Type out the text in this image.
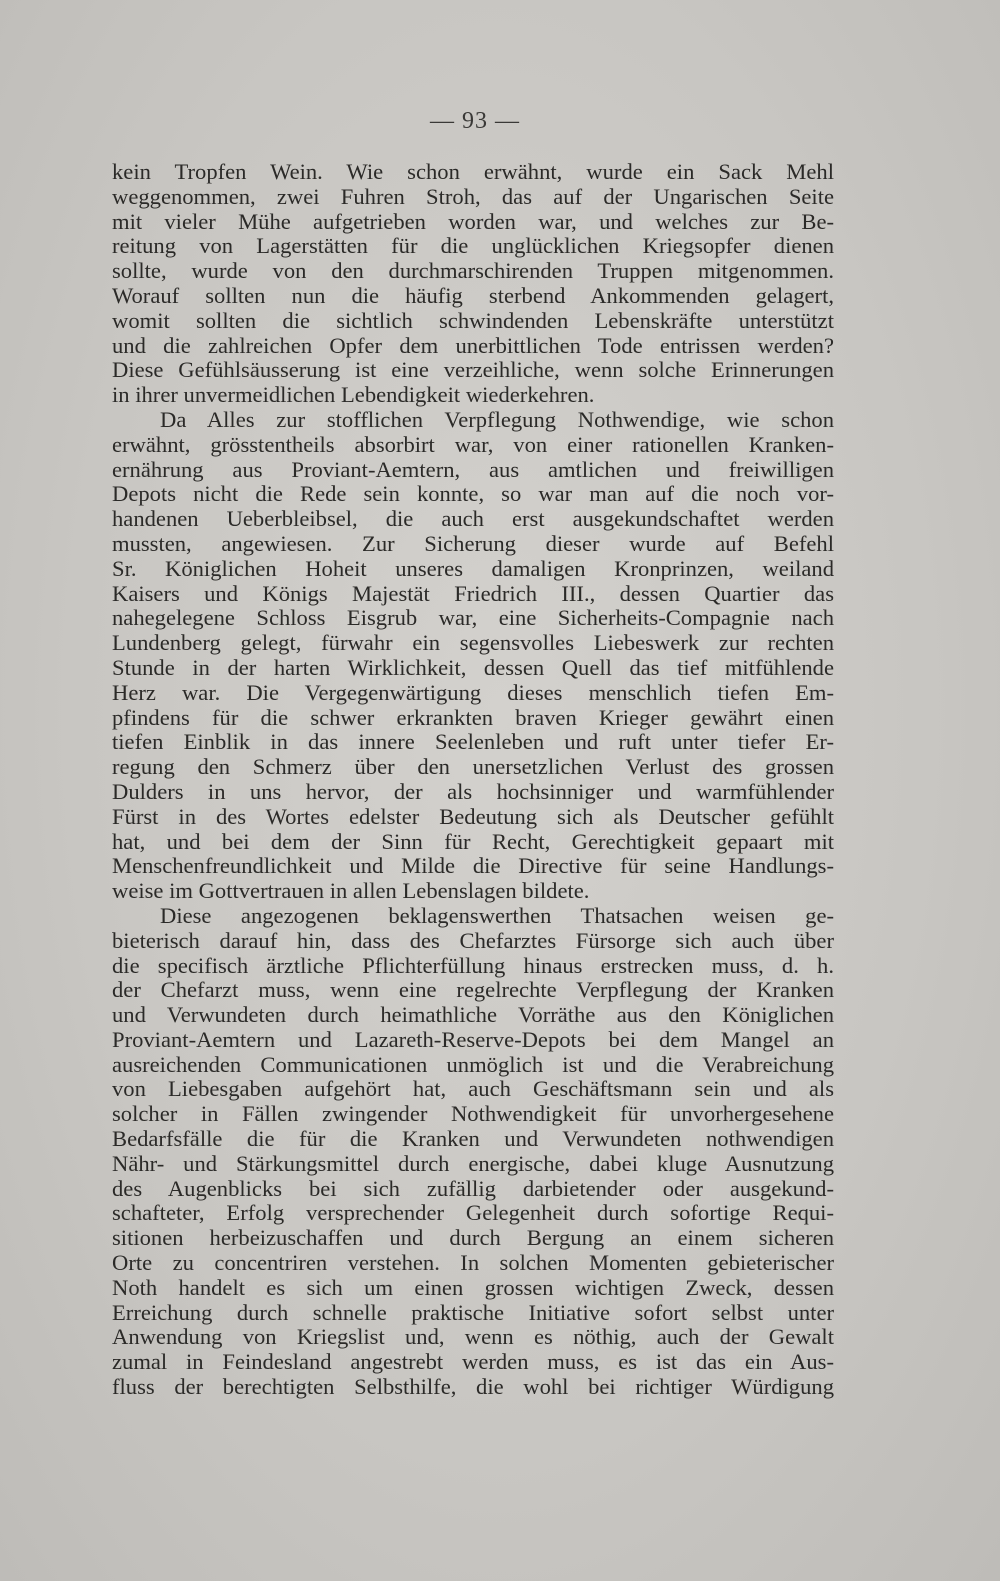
— 93 —
kein Tropfen Wein. Wie schon erwähnt, wurde ein Sack Mehl
weggenommen, zwei Fuhren Stroh, das auf der Ungarischen Seite
mit vieler Mühe aufgetrieben worden war, und welches zur Be-
reitung von Lagerstätten für die unglücklichen Kriegsopfer dienen
sollte, wurde von den durchmarschirenden Truppen mitgenommen.
Worauf sollten nun die häufig sterbend Ankommenden gelagert,
womit sollten die sichtlich schwindenden Lebenskräfte unterstützt
und die zahlreichen Opfer dem unerbittlichen Tode entrissen werden?
Diese Gefühlsäusserung ist eine verzeihliche, wenn solche Erinnerungen
in ihrer unvermeidlichen Lebendigkeit wiederkehren.
Da Alles zur stofflichen Verpflegung Nothwendige, wie schon
erwähnt, grösstentheils absorbirt war, von einer rationellen Kranken-
ernährung aus Proviant-Aemtern, aus amtlichen und freiwilligen
Depots nicht die Rede sein konnte, so war man auf die noch vor-
handenen Ueberbleibsel, die auch erst ausgekundschaftet werden
mussten, angewiesen. Zur Sicherung dieser wurde auf Befehl
Sr. Königlichen Hoheit unseres damaligen Kronprinzen, weiland
Kaisers und Königs Majestät Friedrich III., dessen Quartier das
nahegelegene Schloss Eisgrub war, eine Sicherheits-Compagnie nach
Lundenberg gelegt, fürwahr ein segensvolles Liebeswerk zur rechten
Stunde in der harten Wirklichkeit, dessen Quell das tief mitfühlende
Herz war. Die Vergegenwärtigung dieses menschlich tiefen Em-
pfindens für die schwer erkrankten braven Krieger gewährt einen
tiefen Einblik in das innere Seelenleben und ruft unter tiefer Er-
regung den Schmerz über den unersetzlichen Verlust des grossen
Dulders in uns hervor, der als hochsinniger und warmfühlender
Fürst in des Wortes edelster Bedeutung sich als Deutscher gefühlt
hat, und bei dem der Sinn für Recht, Gerechtigkeit gepaart mit
Menschenfreundlichkeit und Milde die Directive für seine Handlungs-
weise im Gottvertrauen in allen Lebenslagen bildete.
Diese angezogenen beklagenswerthen Thatsachen weisen ge-
bieterisch darauf hin, dass des Chefarztes Fürsorge sich auch über
die specifisch ärztliche Pflichterfüllung hinaus erstrecken muss, d. h.
der Chefarzt muss, wenn eine regelrechte Verpflegung der Kranken
und Verwundeten durch heimathliche Vorräthe aus den Königlichen
Proviant-Aemtern und Lazareth-Reserve-Depots bei dem Mangel an
ausreichenden Communicationen unmöglich ist und die Verabreichung
von Liebesgaben aufgehört hat, auch Geschäftsmann sein und als
solcher in Fällen zwingender Nothwendigkeit für unvorhergesehene
Bedarfsfälle die für die Kranken und Verwundeten nothwendigen
Nähr- und Stärkungsmittel durch energische, dabei kluge Ausnutzung
des Augenblicks bei sich zufällig darbietender oder ausgekund-
schafteter, Erfolg versprechender Gelegenheit durch sofortige Requi-
sitionen herbeizuschaffen und durch Bergung an einem sicheren
Orte zu concentriren verstehen. In solchen Momenten gebieterischer
Noth handelt es sich um einen grossen wichtigen Zweck, dessen
Erreichung durch schnelle praktische Initiative sofort selbst unter
Anwendung von Kriegslist und, wenn es nöthig, auch der Gewalt
zumal in Feindesland angestrebt werden muss, es ist das ein Aus-
fluss der berechtigten Selbsthilfe, die wohl bei richtiger Würdigung
